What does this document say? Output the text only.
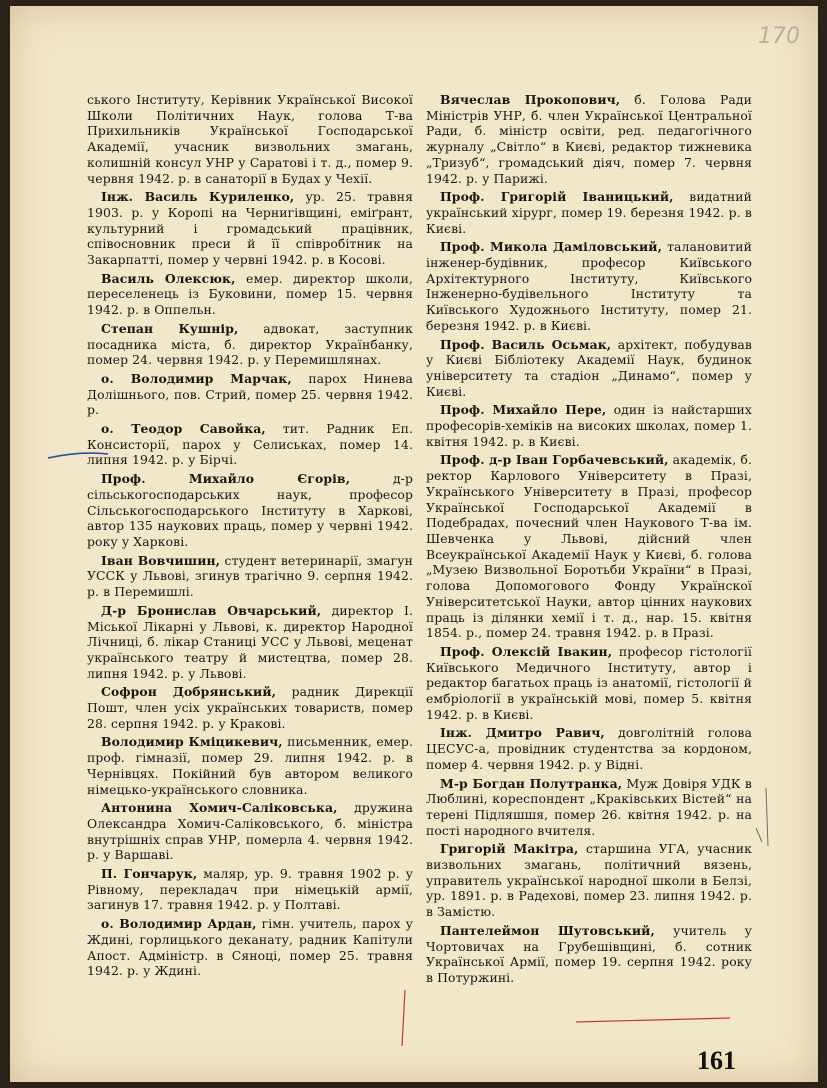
170

ського Інституту, Керівник Української Високої Школи Політичних Наук, голова Т-ва Прихильників Української Господарської Академії, учасник визвольних змагань, колишній консул УНР у Саратові і т. д., помер 9. червня 1942. р. в санаторії в Будах у Чехії.

Інж. Василь Куриленко, ур. 25. травня 1903. р. у Коропі на Чернигівщині, еміґрант, культурний і громадський працівник, співосновник преси й її співробітник на Закарпатті, помер у червні 1942. р. в Косові.

Василь Олексюк, емер. директор школи, переселенець із Буковини, помер 15. червня 1942. р. в Оппельн.

Степан Кушнір, адвокат, заступник посадника міста, б. директор Українбанку, помер 24. червня 1942. р. у Перемишлянах.

о. Володимир Марчак, парох Нинева Долішнього, пов. Стрий, помер 25. червня 1942. р.

о. Теодор Савойка, тит. Радник Еп. Консисторії, парох у Селиськах, помер 14. липня 1942. р. у Бірчі.

Проф. Михайло Єгорів, д-р сільськогосподарських наук, професор Сільськогосподарського Інституту в Харкові, автор 135 наукових праць, помер у червні 1942. року у Харкові.

Іван Вовчишин, студент ветеринарії, змагун УССК у Львові, згинув трагічно 9. серпня 1942. р. в Перемишлі.

Д-р Бронислав Овчарський, директор І. Міської Лікарні у Львові, к. директор Народної Лічниці, б. лікар Станиці УСС у Львові, меценат українського театру й мистецтва, помер 28. липня 1942. р. у Львові.

Софрон Добрянський, радник Дирекції Пошт, член усіх українських товариств, помер 28. серпня 1942. р. у Кракові.

Володимир Кміцикевич, письменник, емер. проф. гімназії, помер 29. липня 1942. р. в Чернівцях. Покійний був автором великого німецько-українського словника.

Антонина Хомич-Саліковська, дружина Олександра Хомич-Саліковського, б. міністра внутрішніх справ УНР, померла 4. червня 1942. р. у Варшаві.

П. Гончарук, маляр, ур. 9. травня 1902 р. у Рівному, перекладач при німецькій армії, загинув 17. травня 1942. р. у Полтаві.

о. Володимир Ардан, гімн. учитель, парох у Ждині, горлицького деканату, радник Капітули Апост. Адміністр. в Сяноці, помер 25. травня 1942. р. у Ждині.

Вячеслав Прокопович, б. Голова Ради Міністрів УНР, б. член Української Центральної Ради, б. міністр освіти, ред. педагогічного журналу „Світло“ в Києві, редактор тижневика „Тризуб“, громадський діяч, помер 7. червня 1942. р. у Парижі.

Проф. Григорій Іваницький, видатний український хірург, помер 19. березня 1942. р. в Києві.

Проф. Микола Даміловський, талановитий інженер-будівник, професор Київського Архітектурного Інституту, Київського Інженерно-будівельного Інституту та Київського Художнього Інституту, помер 21. березня 1942. р. в Києві.

Проф. Василь Осьмак, архітект, побудував у Києві Бібліотеку Академії Наук, будинок університету та стадіон „Динамо“, помер у Києві.

Проф. Михайло Пере, один із найстарших професорів-хеміків на високих школах, помер 1. квітня 1942. р. в Києві.

Проф. д-р Іван Горбачевський, академік, б. ректор Карлового Університету в Празі, Українського Університету в Празі, професор Української Господарської Академії в Подебрадах, почесний член Наукового Т-ва ім. Шевченка у Львові, дійсний член Всеукраїнської Академії Наук у Києві, б. голова „Музею Визвольної Боротьби України“ в Празі, голова Допомогового Фонду Українскої Університетської Науки, автор цінних наукових праць із ділянки хемії і т. д., нар. 15. квітня 1854. р., помер 24. травня 1942. р. в Празі.

Проф. Олексій Івакин, професор гістології Київського Медичного Інституту, автор і редактор багатьох праць із анатомії, гістології й ембріології в українській мові, помер 5. квітня 1942. р. в Києві.

Інж. Дмитро Равич, довголітній голова ЦЕСУС-а, провідник студентства за кордоном, помер 4. червня 1942. р. у Відні.

М-р Богдан Полутранка, Муж Довіря УДК в Люблині, кореспондент „Краківських Вістей“ на терені Підляшшя, помер 26. квітня 1942. р. на пості народного вчителя.

Григорій Макітра, старшина УГА, учасник визвольних змагань, політичний вязень, управитель української народної школи в Белзі, ур. 1891. р. в Радехові, помер 23. липня 1942. р. в Замістю.

Пантелеймон Шутовський, учитель у Чортовичах на Грубешівщині, б. сотник Української Армії, помер 19. серпня 1942. року в Потуржині.

161
